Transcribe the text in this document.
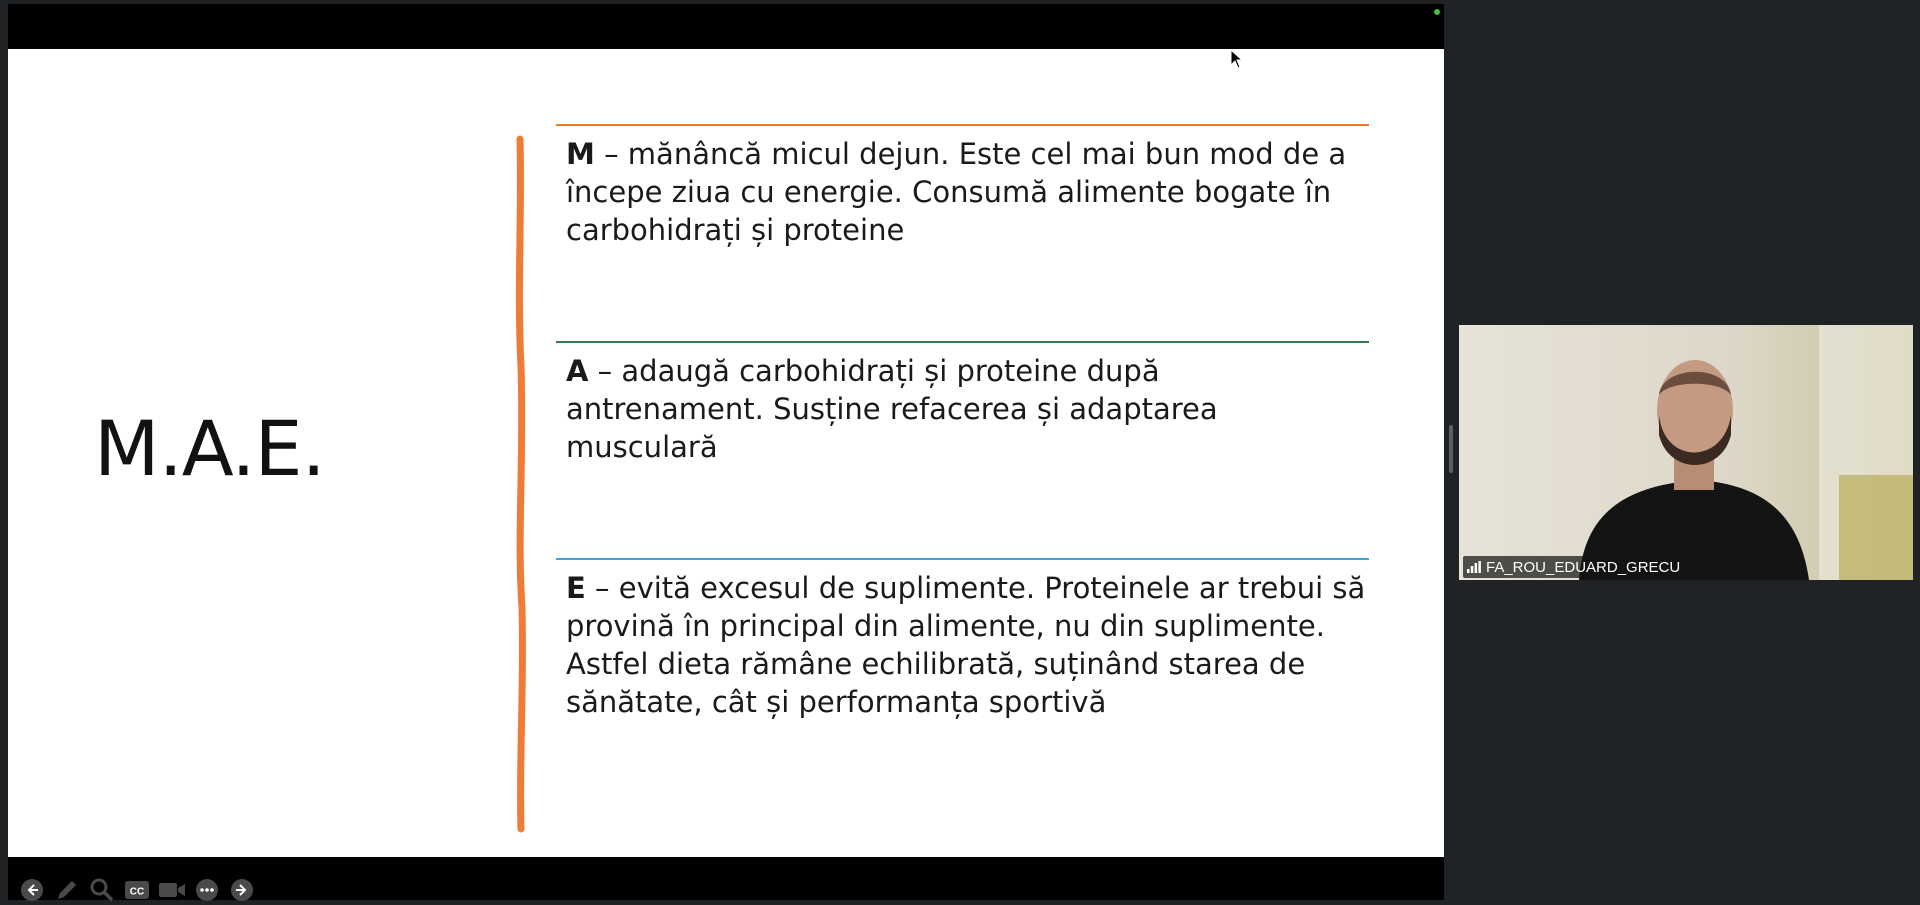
M.A.E.

M – mănâncă micul dejun. Este cel mai bun mod de a începe ziua cu energie. Consumă alimente bogate în carbohidrați și proteine

A – adaugă carbohidrați și proteine după antrenament. Susține refacerea și adaptarea musculară

E – evită excesul de suplimente. Proteinele ar trebui să provină în principal din alimente, nu din suplimente. Astfel dieta rămâne echilibrată, suținând starea de sănătate, cât și performanța sportivă

CC
FA_ROU_EDUARD_GRECU
